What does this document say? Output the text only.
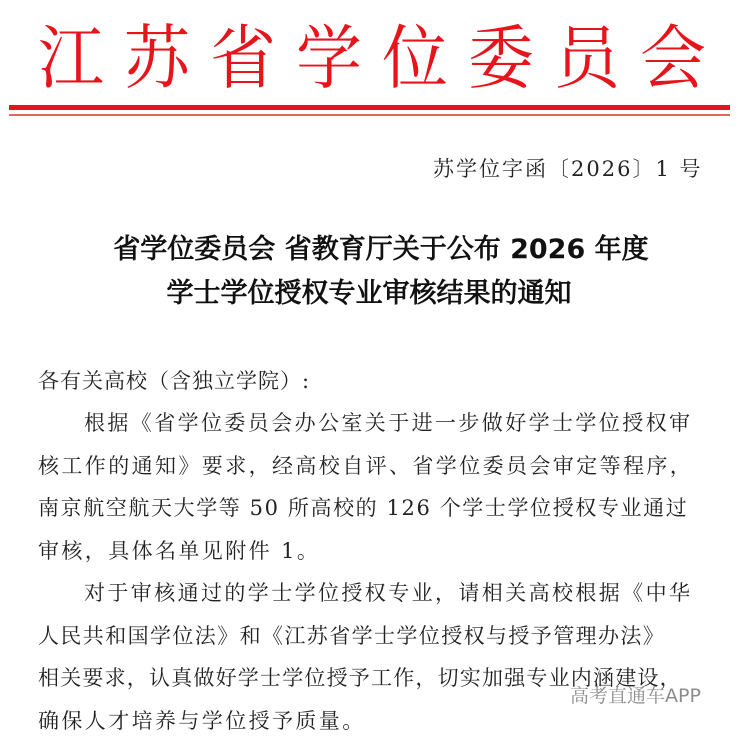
江 苏 省 学 位 委 员 会
苏学位字函〔2026〕1 号
省学位委员会 省教育厅关于公布 2026 年度
学士学位授权专业审核结果的通知
各有关高校（含独立学院）:
根据《省学位委员会办公室关于进一步做好学士学位授权审
核工作的通知》要求，经高校自评、省学位委员会审定等程序，
南京航空航天大学等 50 所高校的 126 个学士学位授权专业通过
审核，具体名单见附件 1。
对于审核通过的学士学位授权专业，请相关高校根据《中华
人民共和国学位法》和《江苏省学士学位授权与授予管理办法》
相关要求，认真做好学士学位授予工作，切实加强专业内涵建设，
确保人才培养与学位授予质量。
高考直通车APP
